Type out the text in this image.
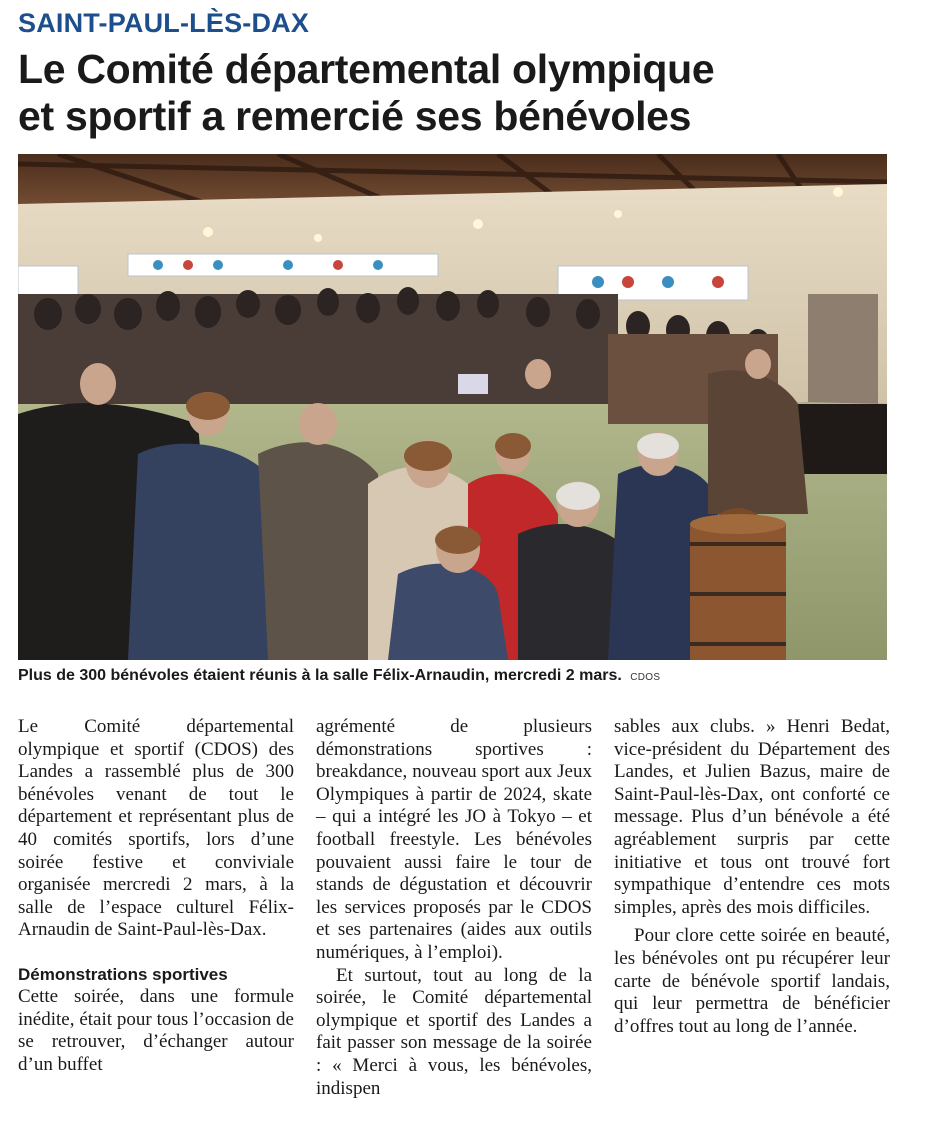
SAINT-PAUL-LÈS-DAX
Le Comité départemental olympique
et sportif a remercié ses bénévoles
Plus de 300 bénévoles étaient réunis à la salle Félix-Arnaudin, mercredi 2 mars. CDOS

Le Comité départemental olympique et sportif (CDOS) des Landes a rassemblé plus de 300 bénévoles venant de tout le département et représentant plus de 40 comités sportifs, lors d’une soirée festive et conviviale organisée mercredi 2 mars, à la salle de l’espace culturel Félix-Arnaudin de Saint-Paul-lès-Dax.

Démonstrations sportives

Cette soirée, dans une formule inédite, était pour tous l’occasion de se retrouver, d’échanger autour d’un buffet

agrémenté de plusieurs démonstrations sportives : breakdance, nouveau sport aux Jeux Olympiques à partir de 2024, skate – qui a intégré les JO à Tokyo – et football freestyle. Les bénévoles pouvaient aussi faire le tour de stands de dégustation et découvrir les services proposés par le CDOS et ses partenaires (aides aux outils numériques, à l’emploi).

Et surtout, tout au long de la soirée, le Comité départemental olympique et sportif des Landes a fait passer son message de la soirée : « Merci à vous, les bénévoles, indispen

sables aux clubs. » Henri Bedat, vice-président du Département des Landes, et Julien Bazus, maire de Saint-Paul-lès-Dax, ont conforté ce message. Plus d’un bénévole a été agréablement surpris par cette initiative et tous ont trouvé fort sympathique d’entendre ces mots simples, après des mois difficiles.

Pour clore cette soirée en beauté, les bénévoles ont pu récupérer leur carte de bénévole sportif landais, qui leur permettra de bénéficier d’offres tout au long de l’année.
